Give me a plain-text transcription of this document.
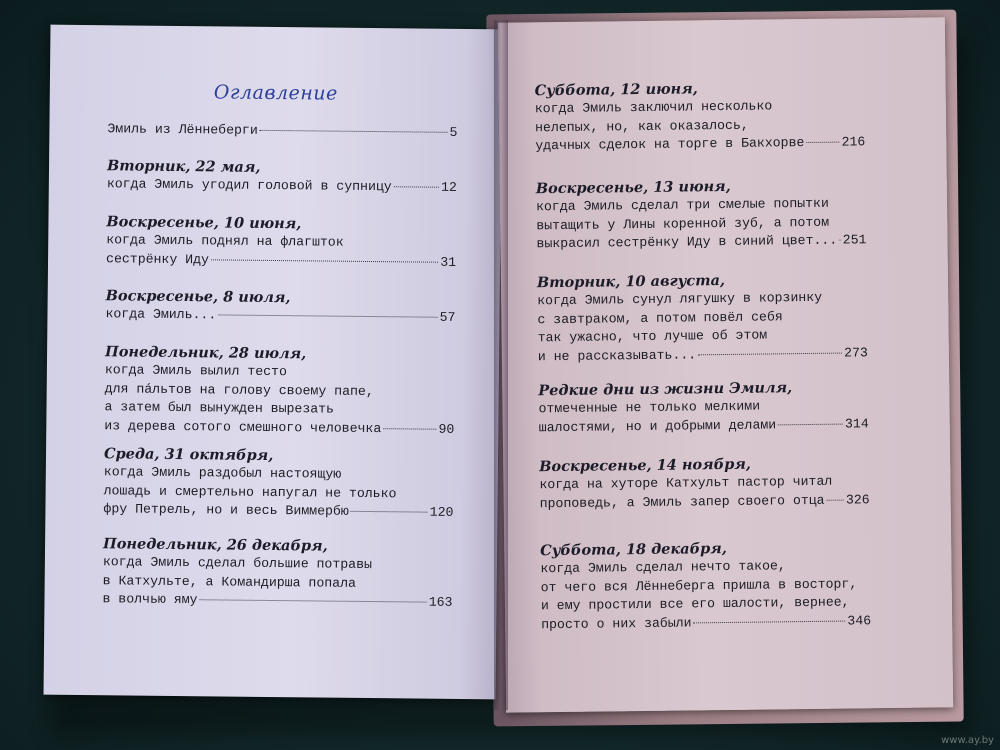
Оглавление
Эмиль из Лённеберги	5
Вторник, 22 мая,
когда Эмиль угодил головой в супницу	12
Воскресенье, 10 июня,
когда Эмиль поднял на флагшток
сестрёнку Иду	31
Воскресенье, 8 июля,
когда Эмиль...	57
Понедельник, 28 июля,
когда Эмиль вылил тесто
для пáльтов на голову своему папе,
а затем был вынужден вырезать
из дерева сотого смешного человечка	90
Среда, 31 октября,
когда Эмиль раздобыл настоящую
лошадь и смертельно напугал не только
фру Петрель, но и весь Виммербю	120
Понедельник, 26 декабря,
когда Эмиль сделал большие потравы
в Катхульте, а Командирша попала
в волчью яму	163
Суббота, 12 июня,
когда Эмиль заключил несколько
нелепых, но, как оказалось,
удачных сделок на торге в Бакхорве	216
Воскресенье, 13 июня,
когда Эмиль сделал три смелые попытки
вытащить у Лины коренной зуб, а потом
выкрасил сестрёнку Иду в синий цвет... 251
Вторник, 10 августа,
когда Эмиль сунул лягушку в корзинку
с завтраком, а потом повёл себя
так ужасно, что лучше об этом
и не рассказывать...	273
Редкие дни из жизни Эмиля,
отмеченные не только мелкими
шалостями, но и добрыми делами	314
Воскресенье, 14 ноября,
когда на хуторе Катхульт пастор читал
проповедь, а Эмиль запер своего отца 326
Суббота, 18 декабря,
когда Эмиль сделал нечто такое,
от чего вся Лённеберга пришла в восторг,
и ему простили все его шалости, вернее,
просто о них забыли	346
www.ay.by
